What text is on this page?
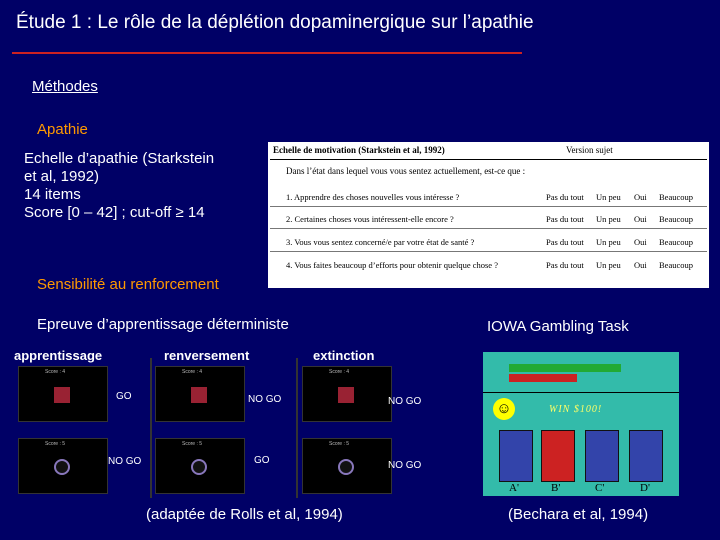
Étude 1 : Le rôle de la déplétion dopaminergique sur l’apathie
Méthodes
Apathie
Echelle d’apathie (Starkstein
et al, 1992)
14 items
Score [0 – 42] ; cut-off ≥ 14
Echelle de motivation (Starkstein et al, 1992)	Version sujet
Dans l’état dans lequel vous vous sentez actuellement, est-ce que :
1. Apprendre des choses nouvelles vous intéresse ?	Pas du tout Un peu Oui Beaucoup
2. Certaines choses vous intéressent-elle encore ?	Pas du tout Un peu Oui Beaucoup
3. Vous vous sentez concerné/e par votre état de santé ?	Pas du tout Un peu Oui Beaucoup
4. Vous faites beaucoup d’efforts pour obtenir quelque chose ?	Pas du tout Un peu Oui Beaucoup
Sensibilité au renforcement
Epreuve d’apprentissage déterministe	IOWA Gambling Task
apprentissage	renversement	extinction
Score : 4
GO
Score : 5
NO GO
Score : 4
NO GO
Score : 5
GO
Score : 4
NO GO
Score : 5
NO GO
☺	WIN $100!
A'	B'	C'	D'
(adaptée de Rolls et al, 1994)	(Bechara et al, 1994)
